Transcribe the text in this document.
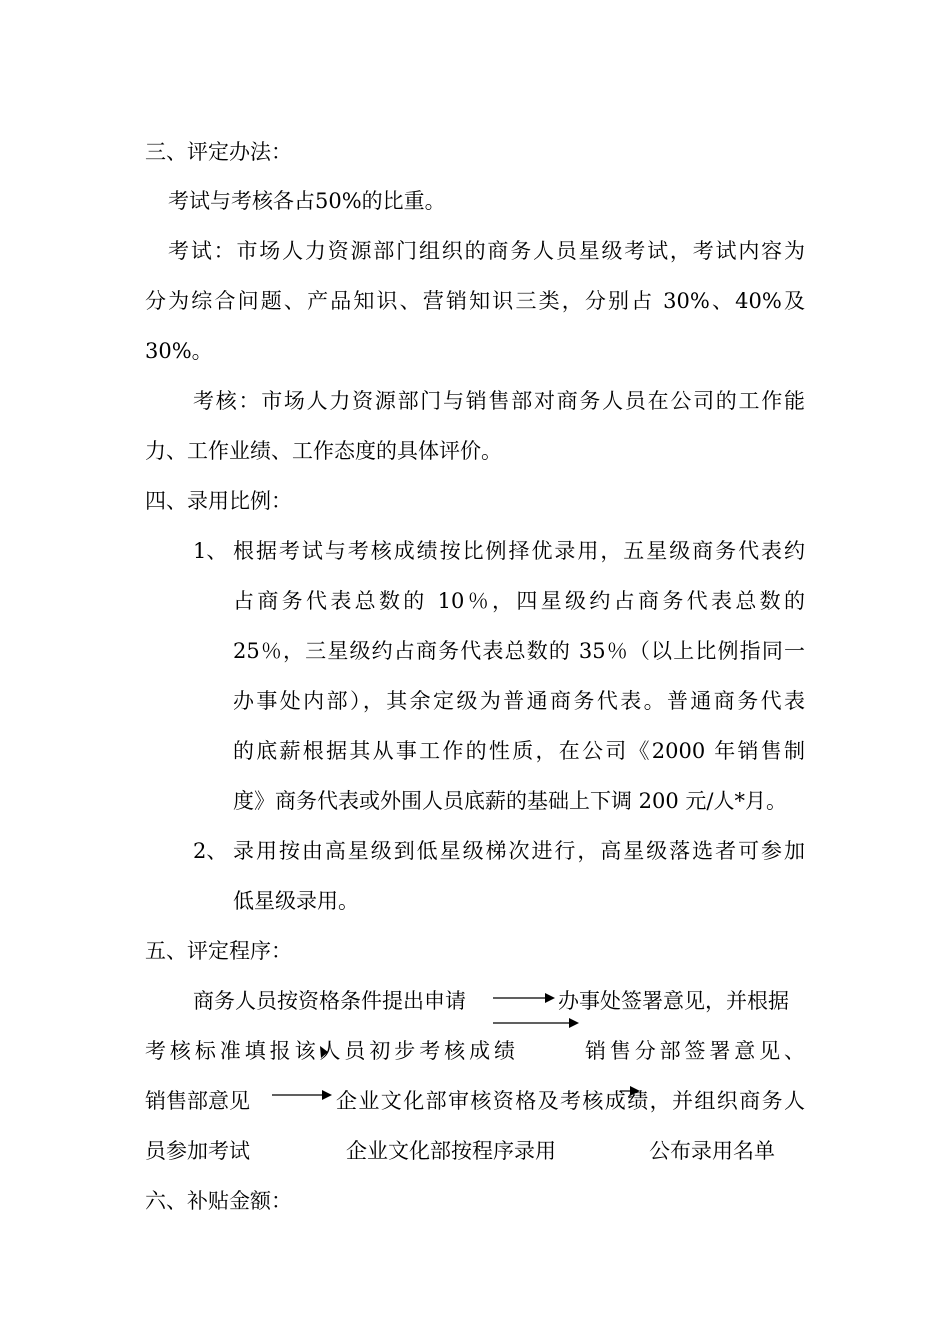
三、评定办法：
考试与考核各占50%的比重。
考试：市场人力资源部门组织的商务人员星级考试，考试内容为
分为综合问题、产品知识、营销知识三类，分别占 30%、40%及
30%。
考核：市场人力资源部门与销售部对商务人员在公司的工作能
力、工作业绩、工作态度的具体评价。
四、录用比例：
1、 根据考试与考核成绩按比例择优录用，五星级商务代表约
占商务代表总数的 10％，四星级约占商务代表总数的
25％，三星级约占商务代表总数的 35％（以上比例指同一
办事处内部），其余定级为普通商务代表。普通商务代表
的底薪根据其从事工作的性质，在公司《2000 年销售制
度》商务代表或外围人员底薪的基础上下调 200 元/人*月。
2、 录用按由高星级到低星级梯次进行，高星级落选者可参加
低星级录用。
五、评定程序：
商务人员按资格条件提出申请	办事处签署意见，并根据
考核标准填报该人员初步考核成绩	销售分部签署意见、
销售部意见	企业文化部审核资格及考核成绩，并组织商务人
员参加考试	企业文化部按程序录用	公布录用名单
六、补贴金额：
